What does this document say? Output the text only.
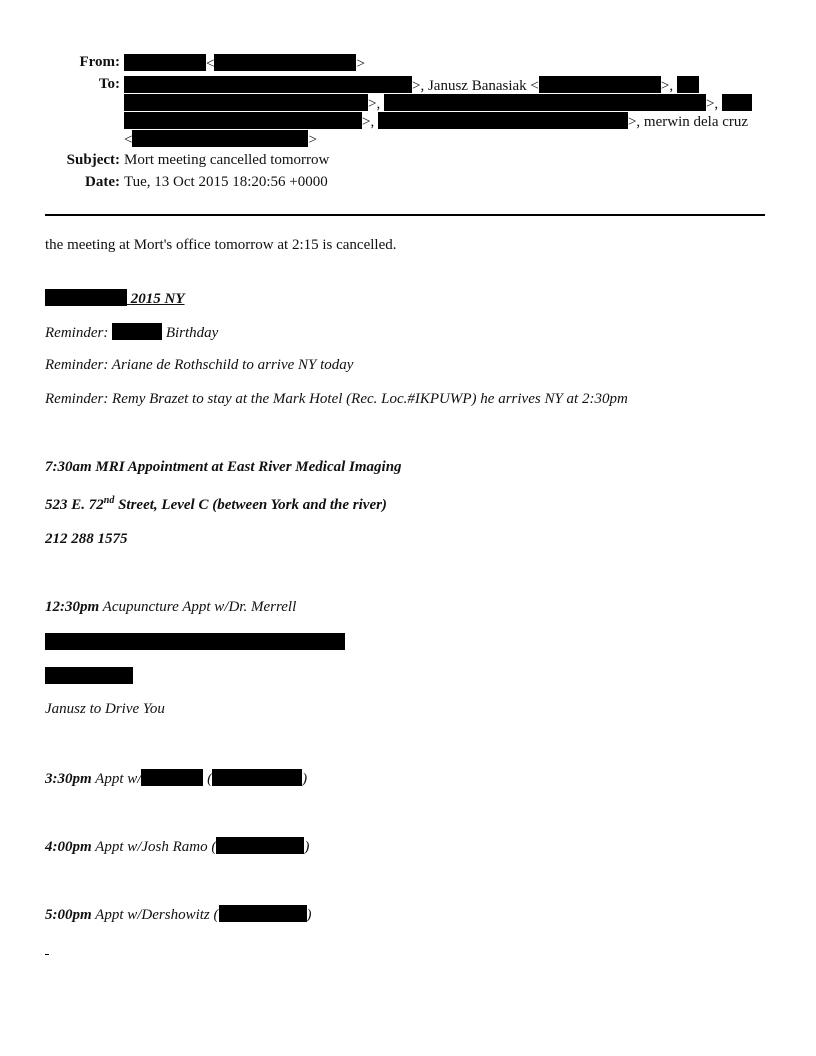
From:	<	>
To:	>, Janusz Banasiak <	>,
>,	>,
>,	>, merwin dela cruz
<	>
Subject: Mort meeting cancelled tomorrow
Date: Tue, 13 Oct 2015 18:20:56 +0000
the meeting at Mort's office tomorrow at 2:15 is cancelled.
2015 NY
Reminder:	Birthday
Reminder: Ariane de Rothschild to arrive NY today
Reminder: Remy Brazet to stay at the Mark Hotel (Rec. Loc.#IKPUWP) he arrives NY at 2:30pm
7:30am MRI Appointment at East River Medical Imaging
523 E. 72nd Street, Level C (between York and the river)
212 288 1575
12:30pm Acupuncture Appt w/Dr. Merrell
Janusz to Drive You
3:30pm Appt w/	(	)
4:00pm Appt w/Josh Ramo (	)
5:00pm Appt w/Dershowitz (	)
